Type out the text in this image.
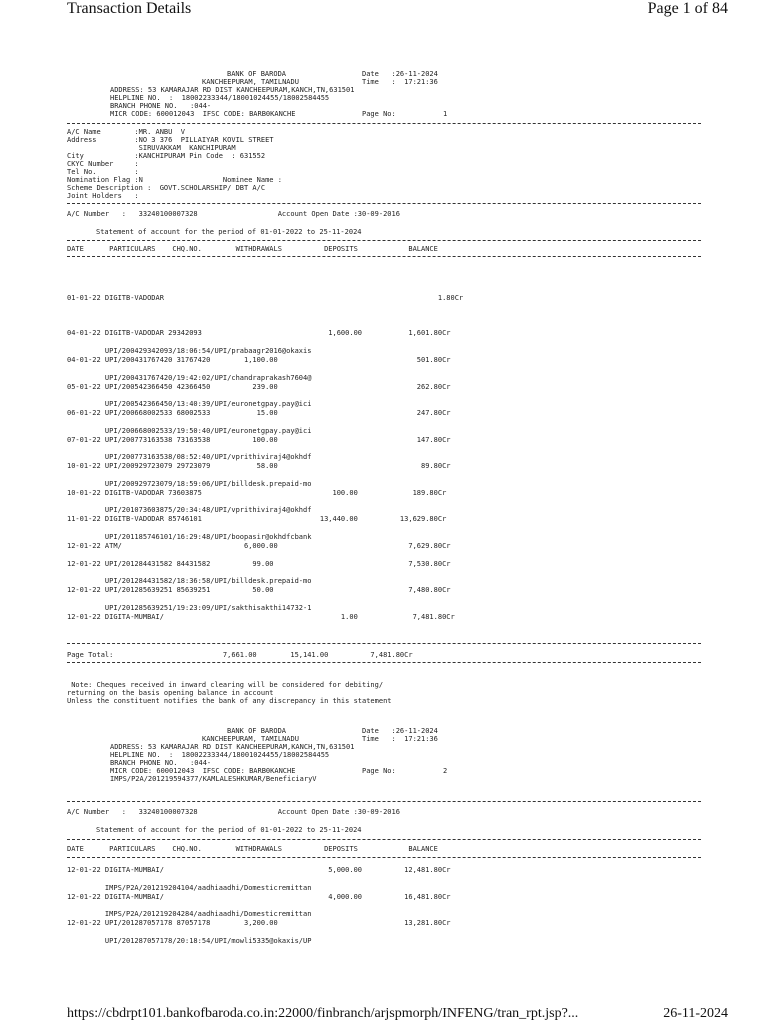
Transaction Details	Page 1 of 84
BANK OF BARODA	Date   :26-11-2024
KANCHEEPURAM, TAMILNADU	Time   :  17:21:36
ADDRESS: 53 KAMARAJAR RD DIST KANCHEEPURAM,KANCH,TN,631501
HELPLINE NO.  :  18002233344/18001024455/18002584455
BRANCH PHONE NO.   :044-
MICR CODE: 600012043  IFSC CODE: BARB0KANCHE	Page No:	1
A/C Name        :MR. ANBU  V
Address         :NO 3 376  PILLAIYAR KOVIL STREET
SIRUVAKKAM  KANCHIPURAM
City            :KANCHIPURAM Pin Code  : 631552
CKYC Number     :
Tel No.         :
Nomination Flag :N                   Nominee Name :
Scheme Description :  GOVT.SCHOLARSHIP/ DBT A/C
Joint Holders   :
A/C Number   :   33240100007328                   Account Open Date :30-09-2016
Statement of account for the period of 01-01-2022 to 25-11-2024
DATE      PARTICULARS    CHQ.NO.        WITHDRAWALS          DEPOSITS            BALANCE
01-01-22 DIGITB-VADODAR                                                                 1.80Cr
04-01-22 DIGITB-VADODAR 29342093                              1,600.00           1,601.80Cr
UPI/200429342093/18:06:54/UPI/prabaagr2016@okaxis
04-01-22 UPI/200431767420 31767420        1,100.00                                 501.80Cr
UPI/200431767420/19:42:02/UPI/chandraprakash7604@
05-01-22 UPI/200542366450 42366450          239.00                                 262.80Cr
UPI/200542366450/13:40:39/UPI/euronetgpay.pay@ici
06-01-22 UPI/200668002533 68002533           15.00                                 247.80Cr
UPI/200668002533/19:50:40/UPI/euronetgpay.pay@ici
07-01-22 UPI/200773163538 73163538          100.00                                 147.80Cr
UPI/200773163538/08:52:40/UPI/vprithiviraj4@okhdf
10-01-22 UPI/200929723079 29723079           58.00                                  89.80Cr
UPI/200929723079/18:59:06/UPI/billdesk.prepaid-mo
10-01-22 DIGITB-VADODAR 73603875                               100.00             189.80Cr
UPI/201073603875/20:34:48/UPI/vprithiviraj4@okhdf
11-01-22 DIGITB-VADODAR 85746101                            13,440.00          13,629.80Cr
UPI/201185746101/16:29:48/UPI/boopasir@okhdfcbank
12-01-22 ATM/                             6,000.00                               7,629.80Cr
12-01-22 UPI/201284431582 84431582          99.00                                7,530.80Cr
UPI/201284431582/18:36:58/UPI/billdesk.prepaid-mo
12-01-22 UPI/201285639251 85639251          50.00                                7,480.80Cr
UPI/201285639251/19:23:09/UPI/sakthisakthi14732-1
12-01-22 DIGITA-MUMBAI/                                          1.00             7,481.80Cr
Page Total:                          7,661.00        15,141.00          7,481.80Cr
Note: Cheques received in inward clearing will be considered for debiting/
returning on the basis opening balance in account
Unless the constituent notifies the bank of any discrepancy in this statement
BANK OF BARODA	Date   :26-11-2024
KANCHEEPURAM, TAMILNADU	Time   :  17:21:36
ADDRESS: 53 KAMARAJAR RD DIST KANCHEEPURAM,KANCH,TN,631501
HELPLINE NO.  :  18002233344/18001024455/18002584455
BRANCH PHONE NO.   :044-
MICR CODE: 600012043  IFSC CODE: BARB0KANCHE	Page No:	2
IMPS/P2A/201219594377/KAMLALESHKUMAR/BeneficiaryV
A/C Number   :   33240100007328                   Account Open Date :30-09-2016
Statement of account for the period of 01-01-2022 to 25-11-2024
DATE      PARTICULARS    CHQ.NO.        WITHDRAWALS          DEPOSITS            BALANCE
12-01-22 DIGITA-MUMBAI/                                       5,000.00          12,481.80Cr
IMPS/P2A/201219204104/aadhiaadhi/Domesticremittan
12-01-22 DIGITA-MUMBAI/                                       4,000.00          16,481.80Cr
IMPS/P2A/201219204284/aadhiaadhi/Domesticremittan
12-01-22 UPI/201287057178 87057178        3,200.00                              13,281.80Cr
UPI/201287057178/20:18:54/UPI/mowli5335@okaxis/UP
https://cbdrpt101.bankofbaroda.co.in:22000/finbranch/arjspmorph/INFENG/tran_rpt.jsp?...	26-11-2024
